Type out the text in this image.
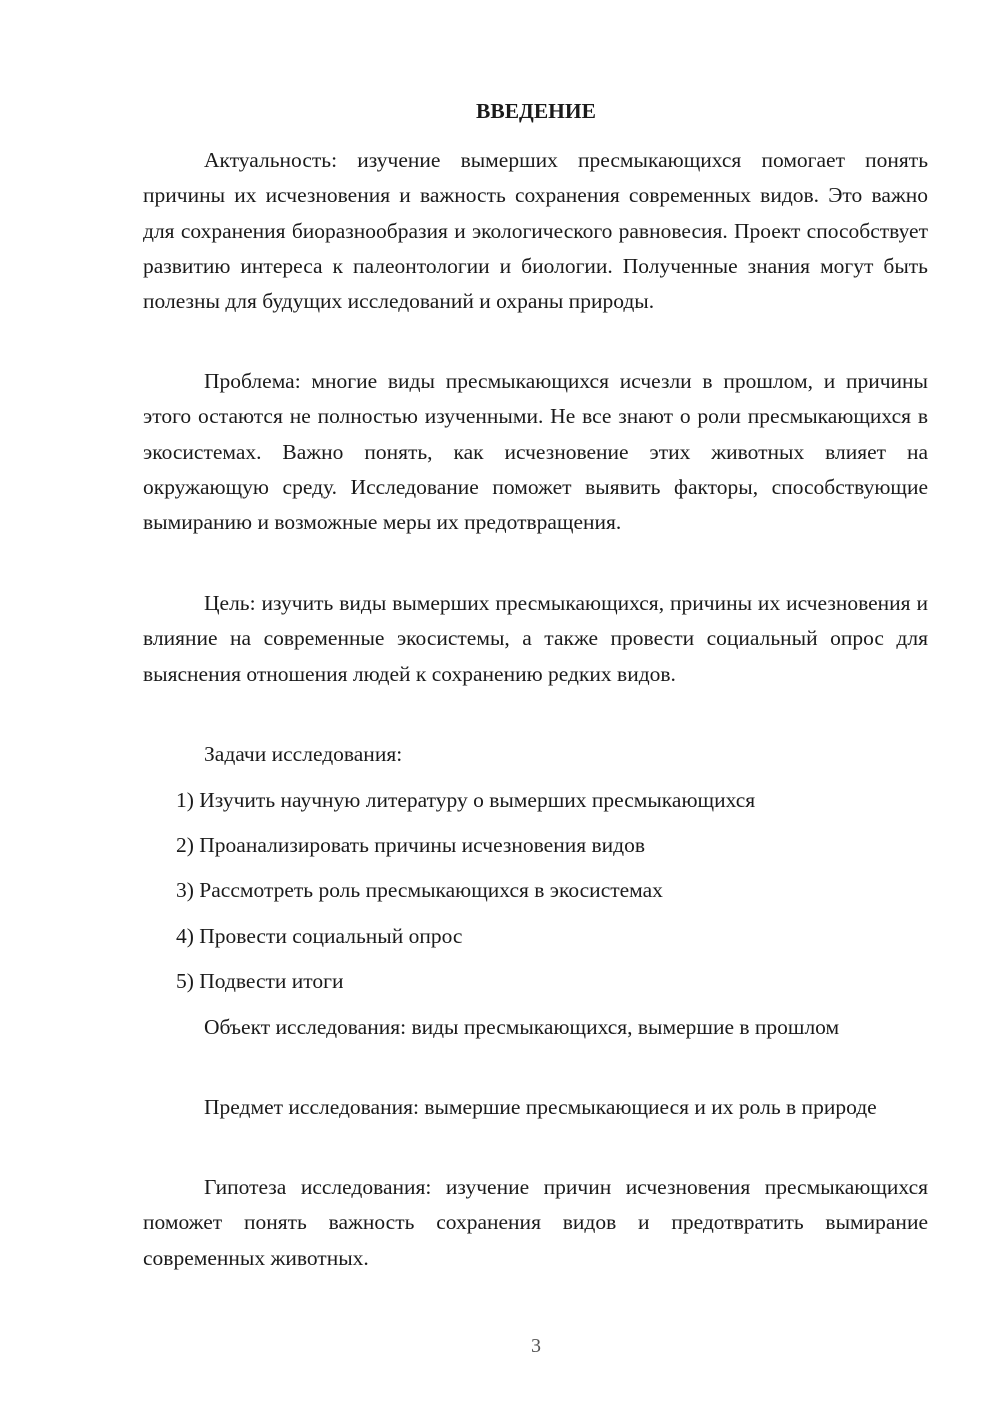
ВВЕДЕНИЕ

Актуальность: изучение вымерших пресмыкающихся помогает понять причины их исчезновения и важность сохранения современных видов. Это важно для сохранения биоразнообразия и экологического равновесия. Проект способствует развитию интереса к палеонтологии и биологии. Полученные знания могут быть полезны для будущих исследований и охраны природы.

Проблема: многие виды пресмыкающихся исчезли в прошлом, и причины этого остаются не полностью изученными. Не все знают о роли пресмыкающихся в экосистемах. Важно понять, как исчезновение этих животных влияет на окружающую среду. Исследование поможет выявить факторы, способствующие вымиранию и возможные меры их предотвращения.

Цель: изучить виды вымерших пресмыкающихся, причины их исчезновения и влияние на современные экосистемы, а также провести социальный опрос для выяснения отношения людей к сохранению редких видов.

Задачи исследования:

1) Изучить научную литературу о вымерших пресмыкающихся

2) Проанализировать причины исчезновения видов

3) Рассмотреть роль пресмыкающихся в экосистемах

4) Провести социальный опрос

5) Подвести итоги

Объект исследования: виды пресмыкающихся, вымершие в прошлом

Предмет исследования: вымершие пресмыкающиеся и их роль в природе

Гипотеза исследования: изучение причин исчезновения пресмыкающихся поможет понять важность сохранения видов и предотвратить вымирание современных животных.

3
